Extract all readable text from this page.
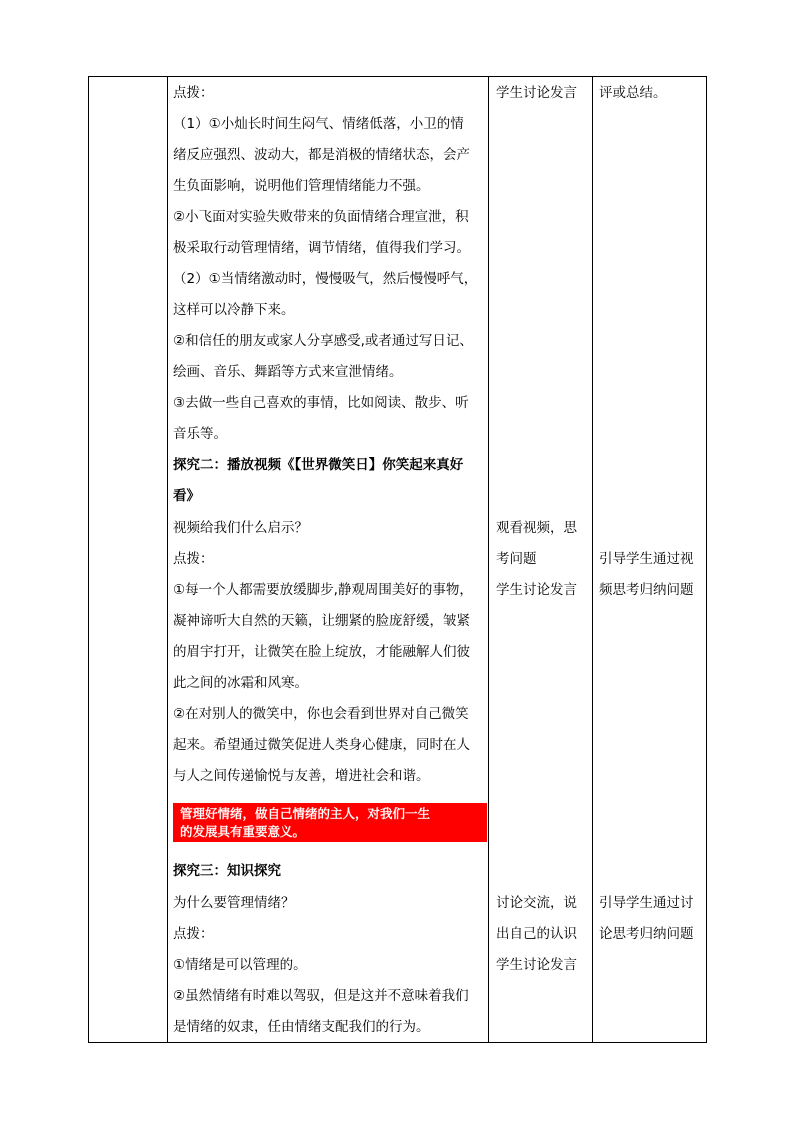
点拨：
（1）①小灿长时间生闷气、情绪低落，小卫的情
绪反应强烈、波动大，都是消极的情绪状态，会产
生负面影响，说明他们管理情绪能力不强。
②小飞面对实验失败带来的负面情绪合理宣泄，积
极采取行动管理情绪，调节情绪，值得我们学习。
（2）①当情绪激动时，慢慢吸气，然后慢慢呼气，
这样可以冷静下来。
②和信任的朋友或家人分享感受,或者通过写日记、
绘画、音乐、舞蹈等方式来宣泄情绪。
③去做一些自己喜欢的事情，比如阅读、散步、听
音乐等。
探究二：播放视频《【世界微笑日】你笑起来真好
看》
视频给我们什么启示？
点拨：
①每一个人都需要放缓脚步,静观周围美好的事物，
凝神谛听大自然的天籁，让绷紧的脸庞舒缓，皱紧
的眉宇打开，让微笑在脸上绽放，才能融解人们彼
此之间的冰霜和风寒。
②在对别人的微笑中，你也会看到世界对自己微笑
起来。希望通过微笑促进人类身心健康，同时在人
与人之间传递愉悦与友善，增进社会和谐。
管理好情绪，做自己情绪的主人，对我们一生
的发展具有重要意义。
探究三：知识探究
为什么要管理情绪？
点拨：
①情绪是可以管理的。
②虽然情绪有时难以驾驭，但是这并不意味着我们
是情绪的奴隶，任由情绪支配我们的行为。
学生讨论发言
观看视频，思
考问题
学生讨论发言
讨论交流，说
出自己的认识
学生讨论发言
评或总结。
引导学生通过视
频思考归纳问题
引导学生通过讨
论思考归纳问题
